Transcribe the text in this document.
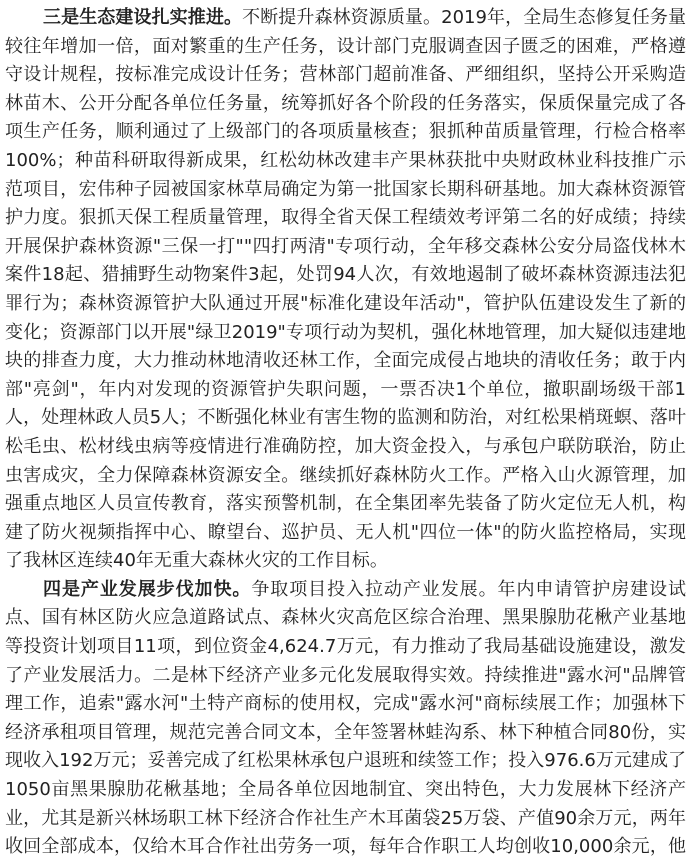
三是生态建设扎实推进。不断提升森林资源质量。2019年，全局生态修复任务量
较往年增加一倍，面对繁重的生产任务，设计部门克服调查因子匮乏的困难，严格遵
守设计规程，按标准完成设计任务；营林部门超前准备、严细组织，坚持公开采购造
林苗木、公开分配各单位任务量，统筹抓好各个阶段的任务落实，保质保量完成了各
项生产任务，顺利通过了上级部门的各项质量核查；狠抓种苗质量管理，行检合格率
100%；种苗科研取得新成果，红松幼林改建丰产果林获批中央财政林业科技推广示
范项目，宏伟种子园被国家林草局确定为第一批国家长期科研基地。加大森林资源管
护力度。狠抓天保工程质量管理，取得全省天保工程绩效考评第二名的好成绩；持续
开展保护森林资源"三保一打""四打两清"专项行动，全年移交森林公安分局盗伐林木
案件18起、猎捕野生动物案件3起，处罚94人次，有效地遏制了破坏森林资源违法犯
罪行为；森林资源管护大队通过开展"标准化建设年活动"，管护队伍建设发生了新的
变化；资源部门以开展"绿卫2019"专项行动为契机，强化林地管理，加大疑似违建地
块的排查力度，大力推动林地清收还林工作，全面完成侵占地块的清收任务；敢于内
部"亮剑"，年内对发现的资源管护失职问题，一票否决1个单位，撤职副场级干部1
人，处理林政人员5人；不断强化林业有害生物的监测和防治，对红松果梢斑螟、落叶
松毛虫、松材线虫病等疫情进行准确防控，加大资金投入，与承包户联防联治，防止
虫害成灾，全力保障森林资源安全。继续抓好森林防火工作。严格入山火源管理，加
强重点地区人员宣传教育，落实预警机制，在全集团率先装备了防火定位无人机，构
建了防火视频指挥中心、瞭望台、巡护员、无人机"四位一体"的防火监控格局，实现
了我林区连续40年无重大森林火灾的工作目标。
四是产业发展步伐加快。争取项目投入拉动产业发展。年内申请管护房建设试
点、国有林区防火应急道路试点、森林火灾高危区综合治理、黑果腺肋花楸产业基地
等投资计划项目11项，到位资金4,624.7万元，有力推动了我局基础设施建设，激发
了产业发展活力。二是林下经济产业多元化发展取得实效。持续推进"露水河"品牌管
理工作，追索"露水河"土特产商标的使用权，完成"露水河"商标续展工作；加强林下
经济承租项目管理，规范完善合同文本，全年签署林蛙沟系、林下种植合同80份，实
现收入192万元；妥善完成了红松果林承包户退班和续签工作；投入976.6万元建成了
1050亩黑果腺肋花楸基地；全局各单位因地制宜、突出特色，大力发展林下经济产
业，尤其是新兴林场职工林下经济合作社生产木耳菌袋25万袋、产值90余万元，两年
收回全部成本，仅给木耳合作社出劳务一项，每年合作职工人均创收10,000余元，他
